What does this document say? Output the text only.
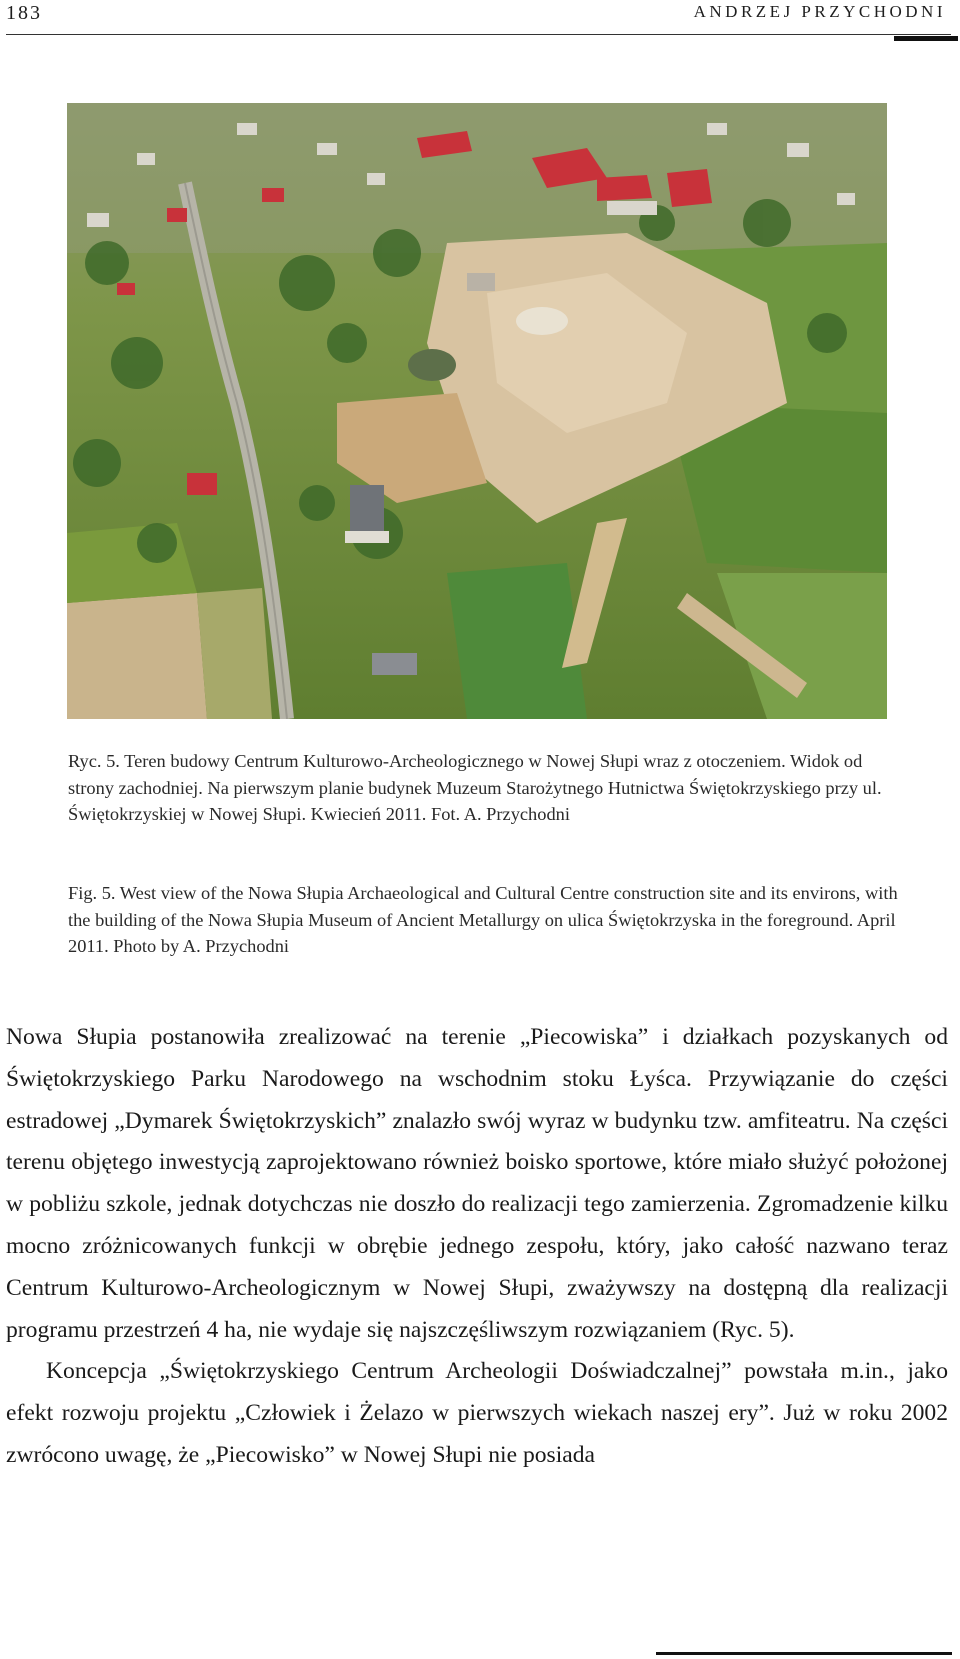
183	ANDRZEJ PRZYCHODNI

Ryc. 5. Teren budowy Centrum Kulturowo-Archeologicznego w Nowej Słupi wraz z otoczeniem. Widok od strony zachodniej. Na pierwszym planie budynek Muzeum Starożytnego Hutnictwa Świętokrzyskiego przy ul. Świętokrzyskiej w Nowej Słupi. Kwiecień 2011. Fot. A. Przychodni

Fig. 5. West view of the Nowa Słupia Archaeological and Cultural Centre construction site and its environs, with the building of the Nowa Słupia Museum of Ancient Metallurgy on ulica Świętokrzyska in the foreground. April 2011. Photo by A. Przychodni

Nowa Słupia postanowiła zrealizować na terenie „Piecowiska” i działkach pozyskanych od Świętokrzyskiego Parku Narodowego na wschodnim stoku Łyśca. Przywiązanie do części estradowej „Dymarek Świętokrzyskich” znalazło swój wyraz w budynku tzw. amfiteatru. Na części terenu objętego inwestycją zaprojektowano również boisko sportowe, które miało służyć położonej w pobliżu szkole, jednak dotychczas nie doszło do realizacji tego zamierzenia. Zgromadzenie kilku mocno zróżnicowanych funkcji w obrębie jednego zespołu, który, jako całość nazwano teraz Centrum Kulturowo-Archeologicznym w Nowej Słupi, zważywszy na dostępną dla realizacji programu przestrzeń 4 ha, nie wydaje się najszczęśliwszym rozwiązaniem (Ryc. 5).

Koncepcja „Świętokrzyskiego Centrum Archeologii Doświadczalnej” powstała m.in., jako efekt rozwoju projektu „Człowiek i Żelazo w pierwszych wiekach naszej ery”. Już w roku 2002 zwrócono uwagę, że „Piecowisko” w Nowej Słupi nie posiada
